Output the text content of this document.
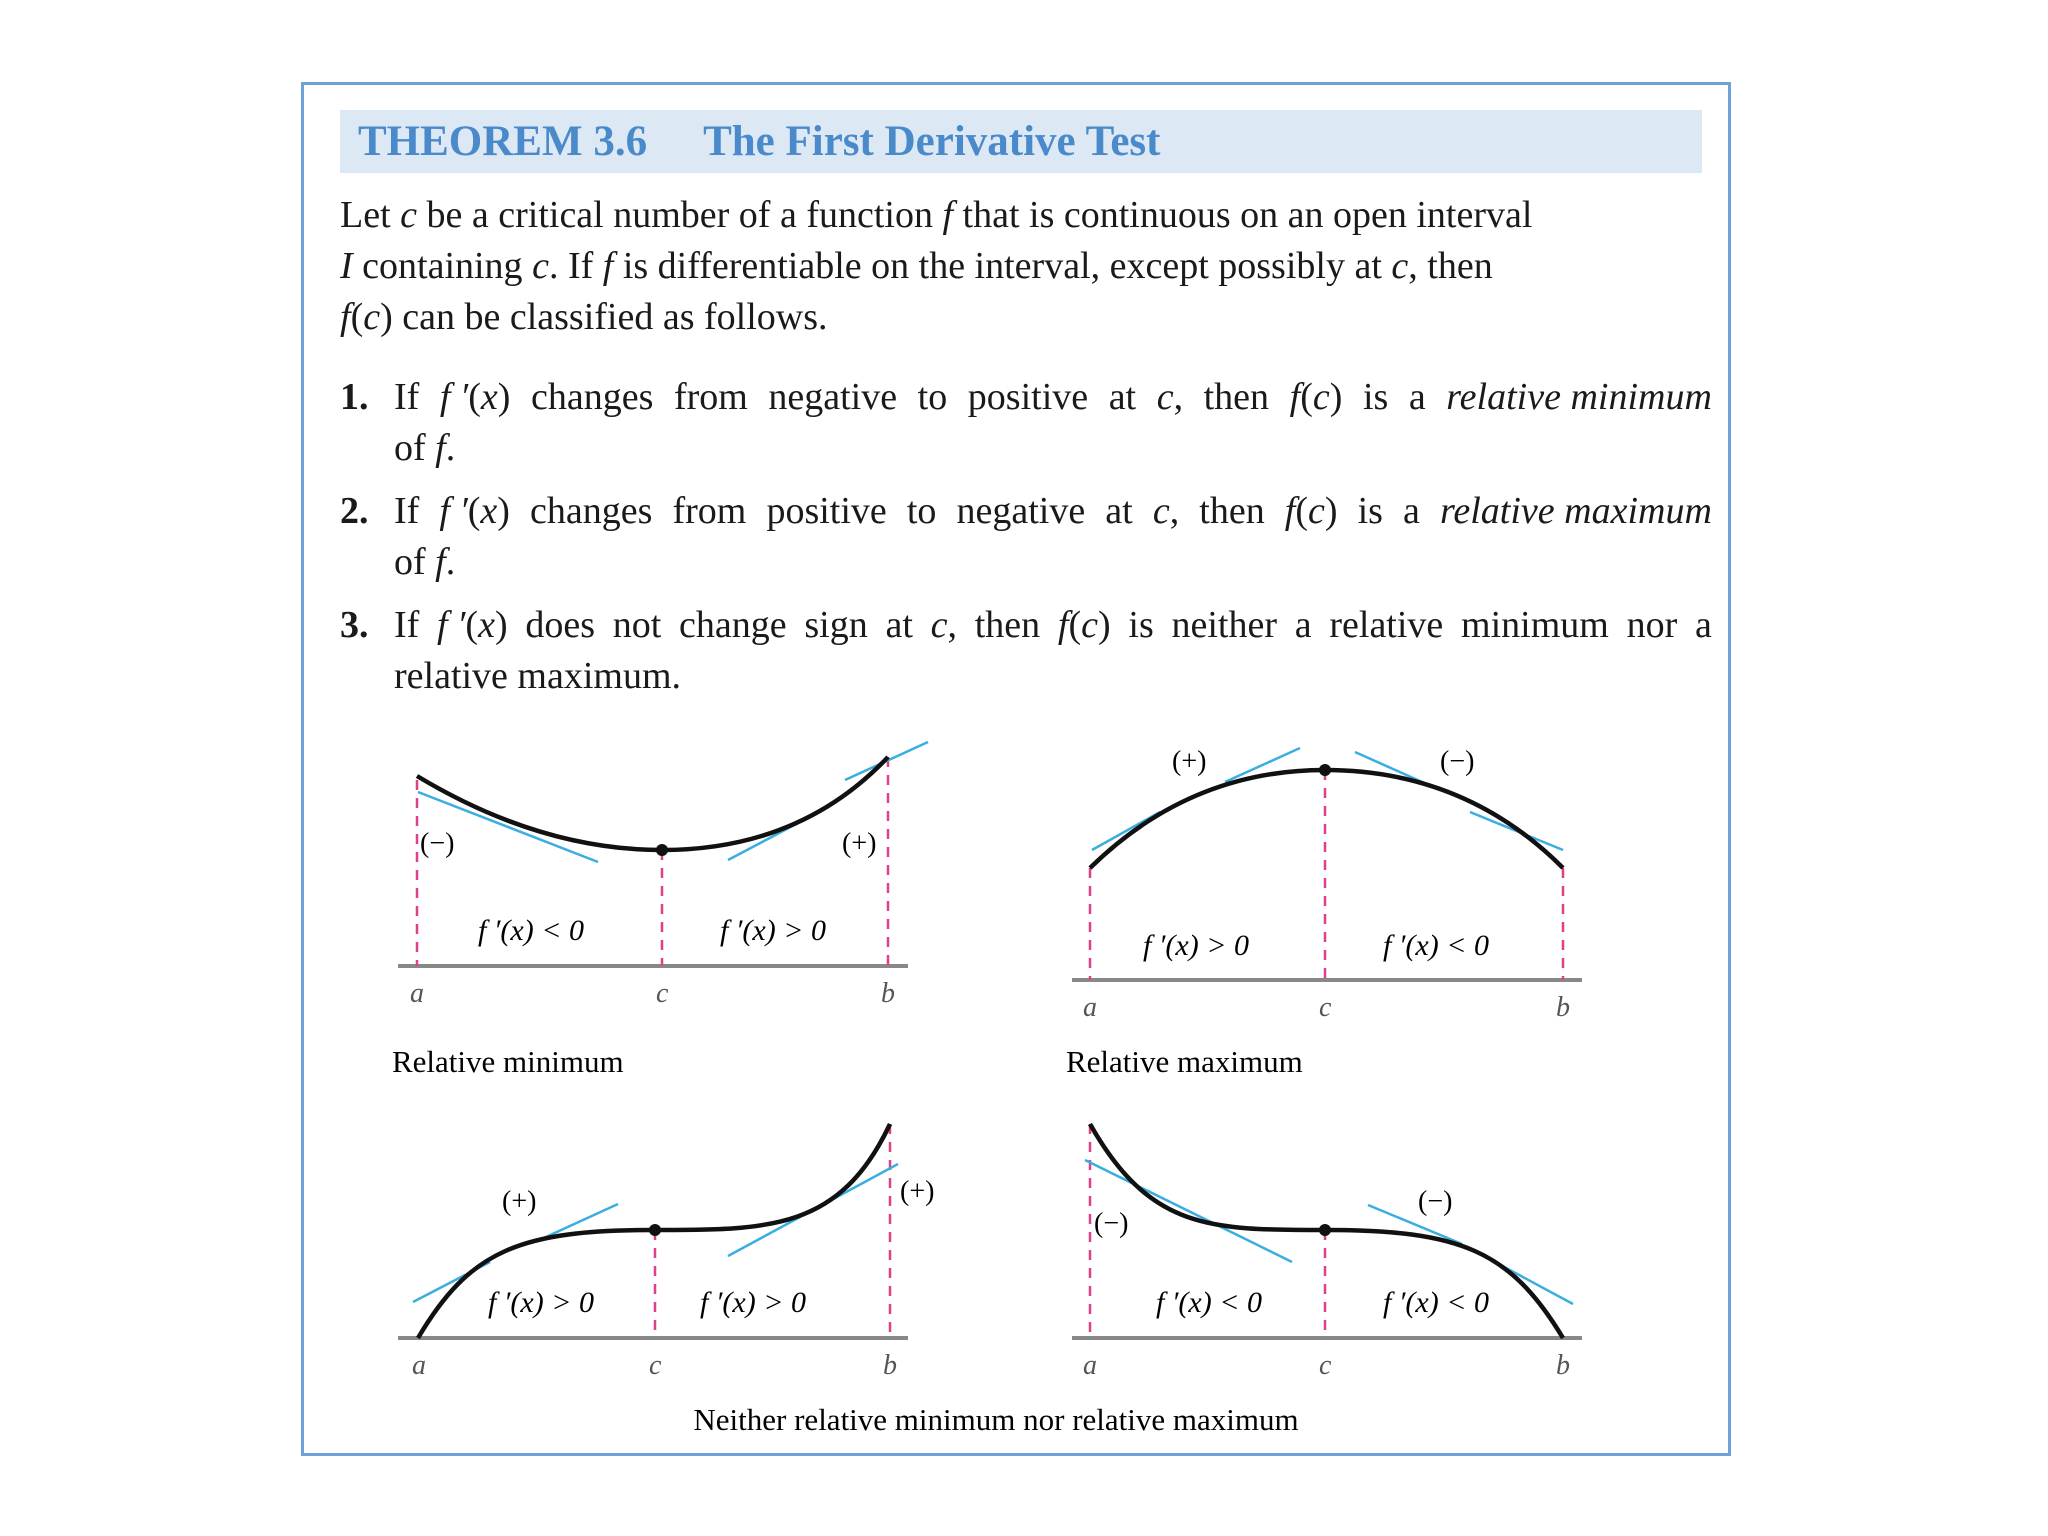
THEOREM 3.6 The First Derivative Test
Let c be a critical number of a function f that is continuous on an open interval
I containing c. If f is differentiable on the interval, except possibly at c, then
f(c) can be classified as follows.
1. If f ′(x) changes from negative to positive at c, then f(c) is a relative minimum
of f.
2. If f ′(x) changes from positive to negative at c, then f(c) is a relative maximum
of f.
3. If f ′(x) does not change sign at c, then f(c) is neither a relative minimum nor a
relative maximum.
(−)	(+)
f ′(x) < 0	f ′(x) > 0
a	c	b
Relative minimum
(+)	(−)
f ′(x) > 0	f ′(x) < 0
a	c	b
Relative maximum
(+)	(+)
f ′(x) > 0	f ′(x) > 0
a	c	b
(−)
(−)
f ′(x) < 0	f ′(x) < 0
a	c	b
Neither relative minimum nor relative maximum
